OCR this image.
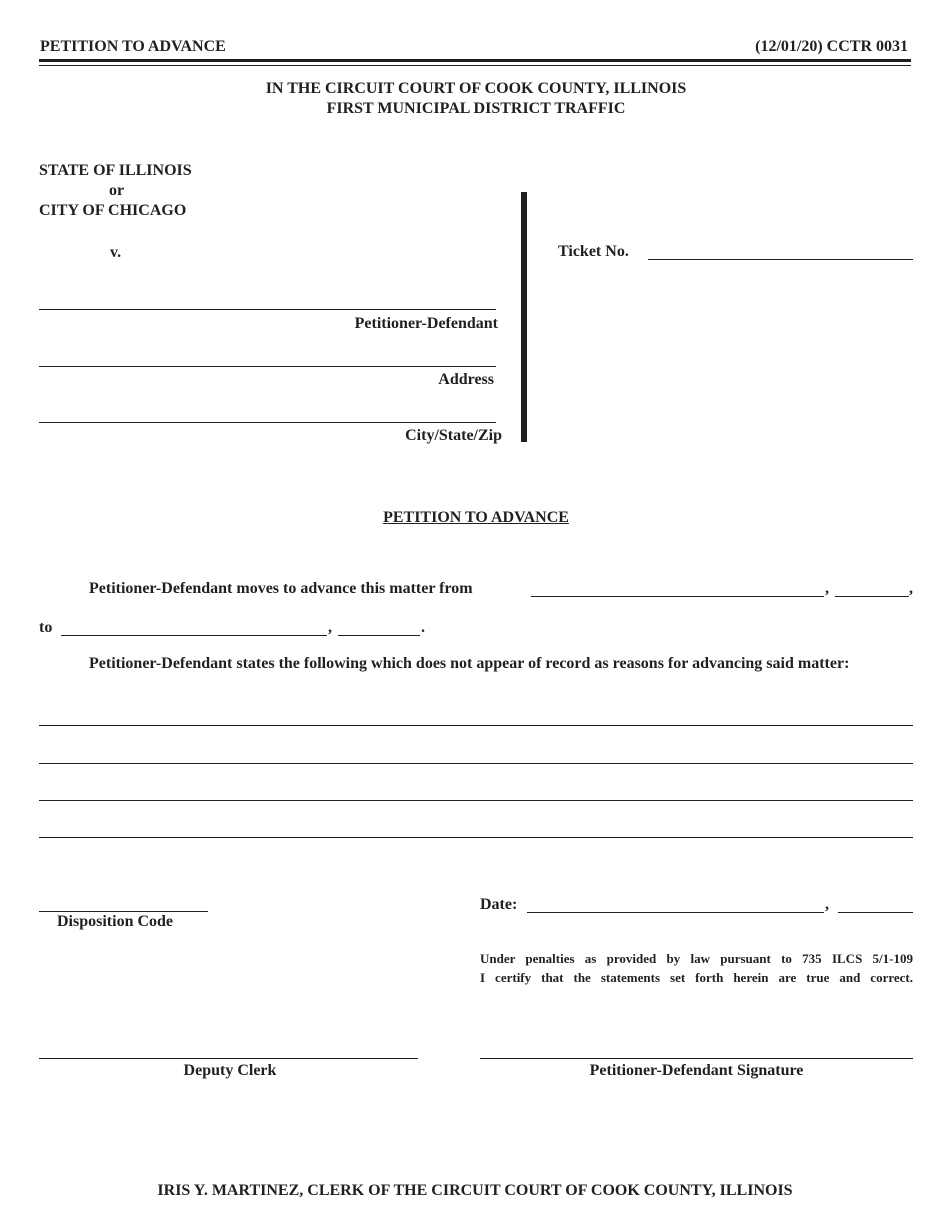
PETITION TO ADVANCE	(12/01/20) CCTR 0031
IN THE CIRCUIT COURT OF COOK COUNTY, ILLINOIS
FIRST MUNICIPAL DISTRICT TRAFFIC
STATE OF ILLINOIS
or
CITY OF CHICAGO
v.
Petitioner-Defendant
Address
City/State/Zip
Ticket No.
PETITION TO ADVANCE
Petitioner-Defendant moves to advance this matter from	,	,
to	,	.
Petitioner-Defendant states the following which does not appear of record as reasons for advancing said matter:
Disposition Code
Date:	,
Under penalties as provided by law pursuant to 735 ILCS 5/1-109
I certify that the statements set forth herein are true and correct.
Deputy Clerk	Petitioner-Defendant Signature
IRIS Y. MARTINEZ, CLERK OF THE CIRCUIT COURT OF COOK COUNTY, ILLINOIS
